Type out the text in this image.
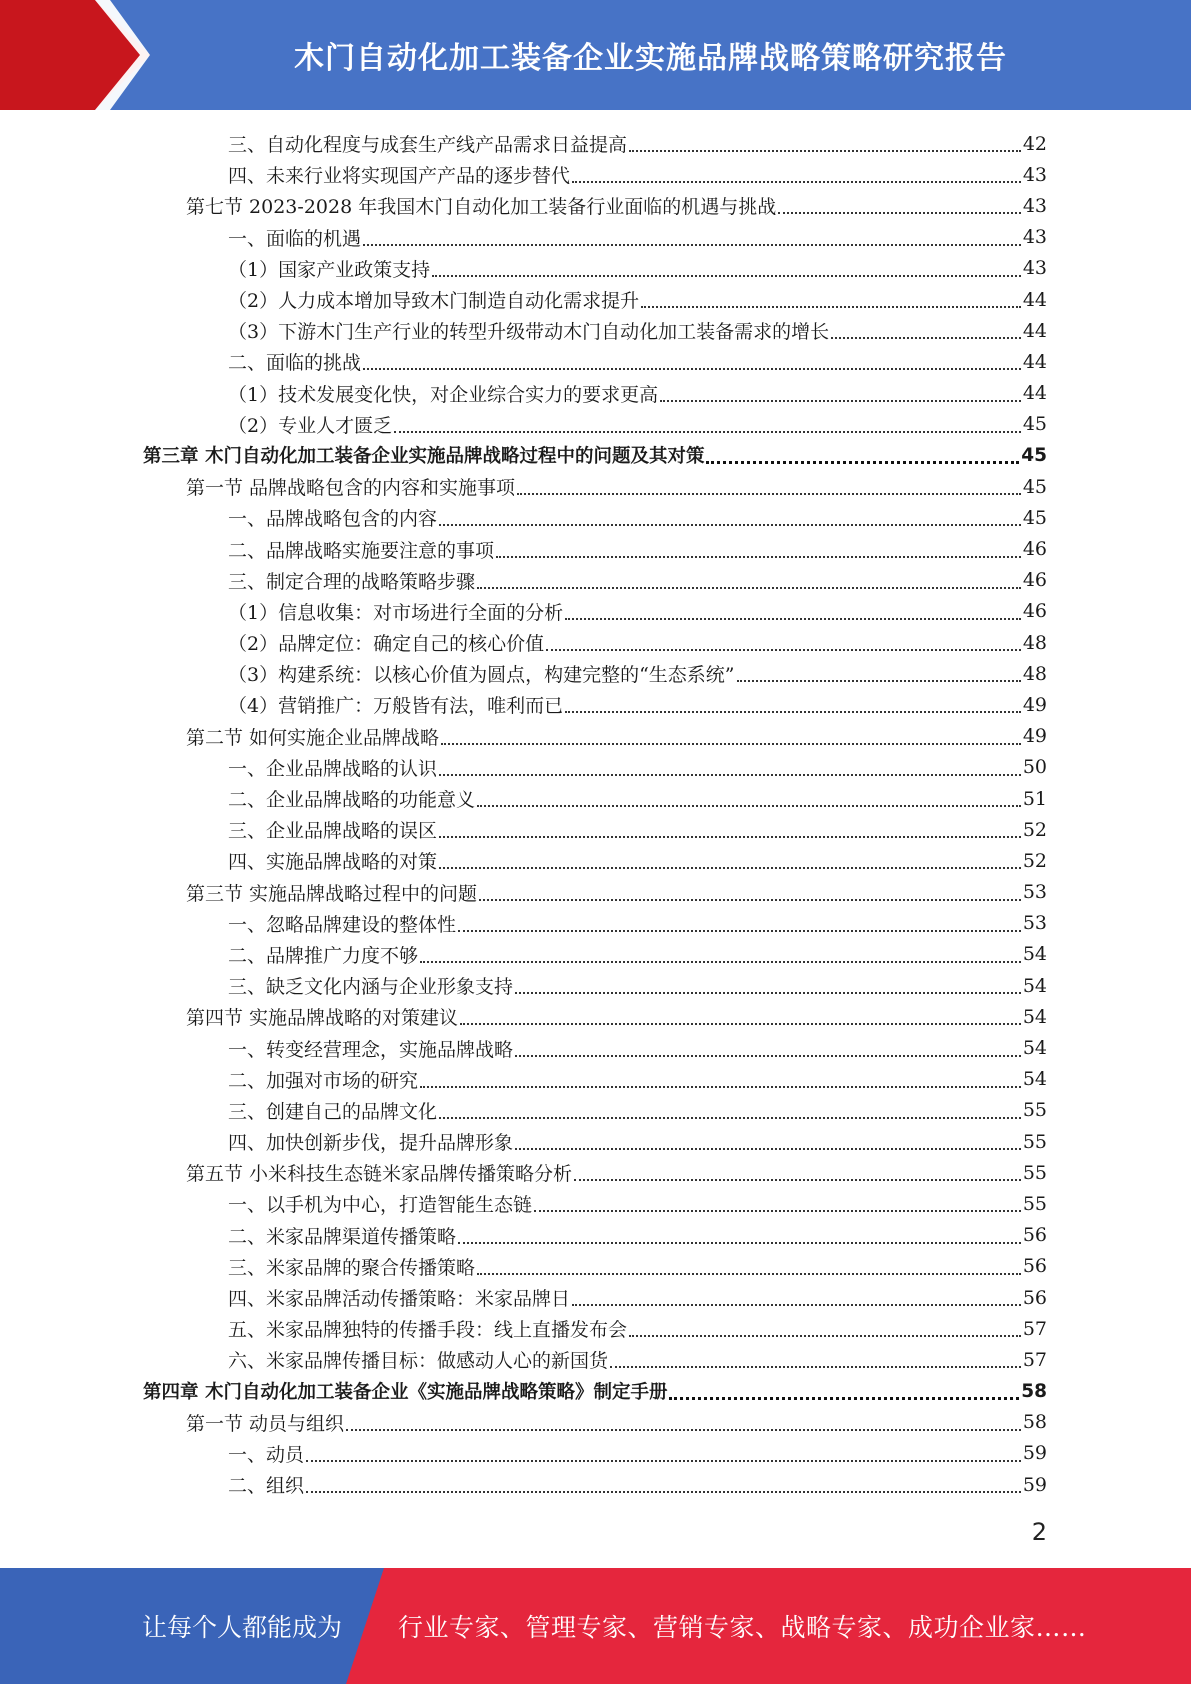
木门自动化加工装备企业实施品牌战略策略研究报告
三、自动化程度与成套生产线产品需求日益提高	42
四、未来行业将实现国产产品的逐步替代	43
第七节 2023-2028 年我国木门自动化加工装备行业面临的机遇与挑战	43
一、面临的机遇	43
（1）国家产业政策支持	43
（2）人力成本增加导致木门制造自动化需求提升	44
（3）下游木门生产行业的转型升级带动木门自动化加工装备需求的增长	44
二、面临的挑战	44
（1）技术发展变化快，对企业综合实力的要求更高	44
（2）专业人才匮乏	45
第三章 木门自动化加工装备企业实施品牌战略过程中的问题及其对策	45
第一节 品牌战略包含的内容和实施事项	45
一、品牌战略包含的内容	45
二、品牌战略实施要注意的事项	46
三、制定合理的战略策略步骤	46
（1）信息收集：对市场进行全面的分析	46
（2）品牌定位：确定自己的核心价值	48
（3）构建系统：以核心价值为圆点，构建完整的“生态系统”	48
（4）营销推广：万般皆有法，唯利而已	49
第二节 如何实施企业品牌战略	49
一、企业品牌战略的认识	50
二、企业品牌战略的功能意义	51
三、企业品牌战略的误区	52
四、实施品牌战略的对策	52
第三节 实施品牌战略过程中的问题	53
一、忽略品牌建设的整体性	53
二、品牌推广力度不够	54
三、缺乏文化内涵与企业形象支持	54
第四节 实施品牌战略的对策建议	54
一、转变经营理念，实施品牌战略	54
二、加强对市场的研究	54
三、创建自己的品牌文化	55
四、加快创新步伐，提升品牌形象	55
第五节 小米科技生态链米家品牌传播策略分析	55
一、以手机为中心，打造智能生态链	55
二、米家品牌渠道传播策略	56
三、米家品牌的聚合传播策略	56
四、米家品牌活动传播策略：米家品牌日	56
五、米家品牌独特的传播手段：线上直播发布会	57
六、米家品牌传播目标：做感动人心的新国货	57
第四章 木门自动化加工装备企业《实施品牌战略策略》制定手册	58
第一节 动员与组织	58
一、动员	59
二、组织	59
2
让每个人都能成为 行业专家、管理专家、营销专家、战略专家、成功企业家……
